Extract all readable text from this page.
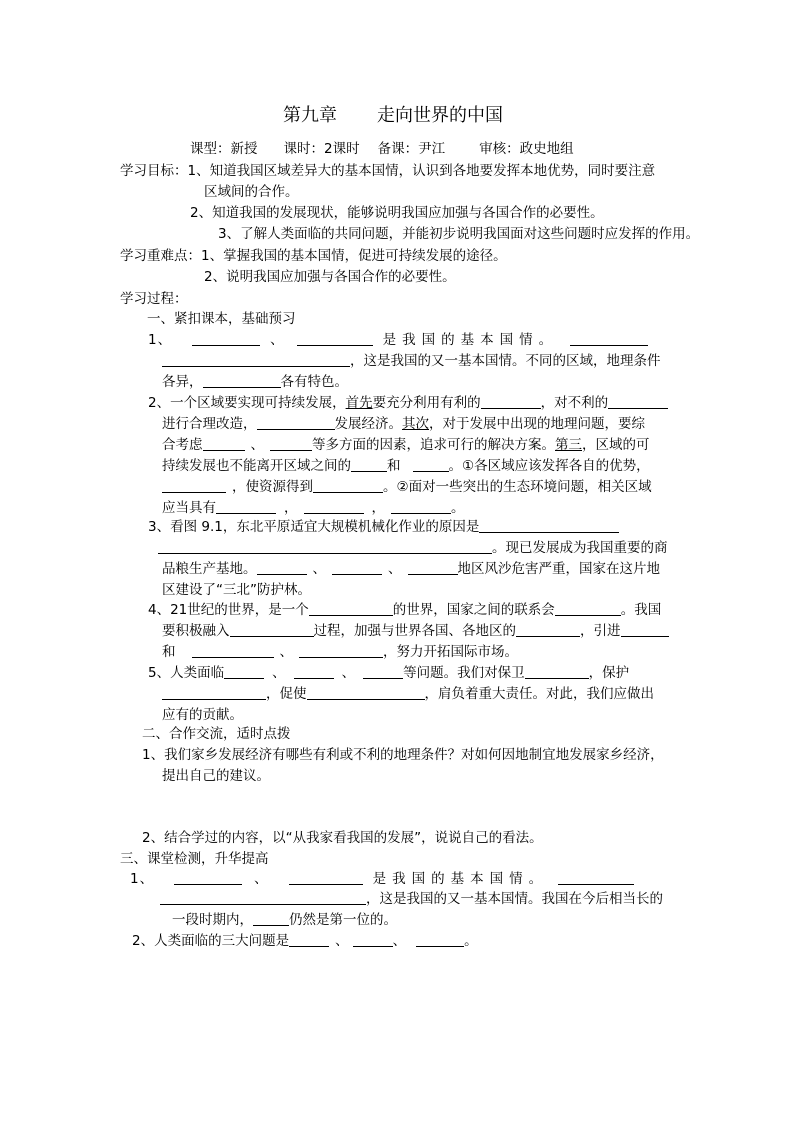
第九章 走向世界的中国
课型：新授 课时：2课时 备课：尹江	审核：政史地组
学习目标：1、知道我国区域差异大的基本国情，认识到各地要发挥本地优势，同时要注意
区域间的合作。
2、知道我国的发展现状，能够说明我国应加强与各国合作的必要性。
3、了解人类面临的共同问题，并能初步说明我国面对这些问题时应发挥的作用。
学习重难点：1、掌握我国的基本国情，促进可持续发展的途径。
2、说明我国应加强与各国合作的必要性。
学习过程：
一、紧扣课本，基础预习
1、	、	是我国的基本国情。
，这是我国的又一基本国情。不同的区域，地理条件
各异，	各有特色。
2、一个区域要实现可持续发展，首先要充分利用有利的	，对不利的
进行合理改造，	发展经济。其次，对于发展中出现的地理问题，要综
合考虑	、	等多方面的因素，追求可行的解决方案。第三，区域的可
持续发展也不能离开区域之间的	和	。①各区域应该发挥各自的优势，
，使资源得到	。②面对一些突出的生态环境问题，相关区域
应当具有	，	，	。
3、看图 9.1，东北平原适宜大规模机械化作业的原因是
。现已发展成为我国重要的商
品粮生产基地。	、	、	地区风沙危害严重，国家在这片地
区建设了“三北”防护林。
4、21世纪的世界，是一个	的世界，国家之间的联系会	。我国
要积极融入	过程，加强与世界各国、各地区的	，引进
和	、	，努力开拓国际市场。
5、人类面临	、	、	等问题。我们对保卫	，保护
，促使	，肩负着重大责任。对此，我们应做出
应有的贡献。
二、合作交流，适时点拨
1、我们家乡发展经济有哪些有利或不利的地理条件？对如何因地制宜地发展家乡经济，
提出自己的建议。
2、结合学过的内容，以“从我家看我国的发展”，说说自己的看法。
三、课堂检测，升华提高
1、	、	是我国的基本国情。
，这是我国的又一基本国情。我国在今后相当长的
一段时期内，	仍然是第一位的。
2、人类面临的三大问题是	、	、	。
